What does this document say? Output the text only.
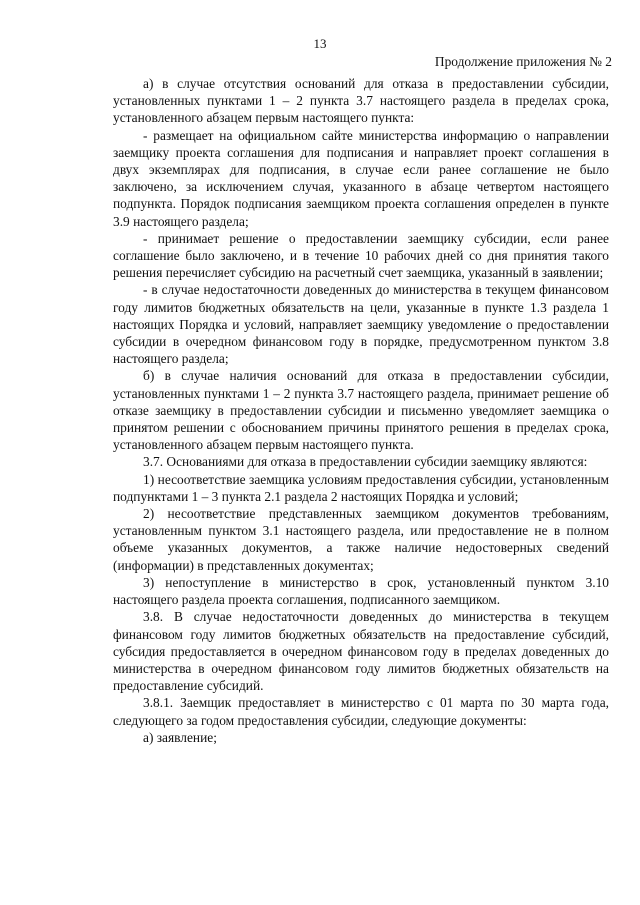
13
Продолжение приложения № 2

а) в случае отсутствия оснований для отказа в предоставлении субсидии, установленных пунктами 1 – 2 пункта 3.7 настоящего раздела в пределах срока, установленного абзацем первым настоящего пункта:

- размещает на официальном сайте министерства информацию о направлении заемщику проекта соглашения для подписания и направляет проект соглашения в двух экземплярах для подписания, в случае если ранее соглашение не было заключено, за исключением случая, указанного в абзаце четвертом настоящего подпункта. Порядок подписания заемщиком проекта соглашения определен в пункте 3.9 настоящего раздела;

- принимает решение о предоставлении заемщику субсидии, если ранее соглашение было заключено, и в течение 10 рабочих дней со дня принятия такого решения перечисляет субсидию на расчетный счет заемщика, указанный в заявлении;

- в случае недостаточности доведенных до министерства в текущем финансовом году лимитов бюджетных обязательств на цели, указанные в пункте 1.3 раздела 1 настоящих Порядка и условий, направляет заемщику уведомление о предоставлении субсидии в очередном финансовом году в порядке, предусмотренном пунктом 3.8 настоящего раздела;

б) в случае наличия оснований для отказа в предоставлении субсидии, установленных пунктами 1 – 2 пункта 3.7 настоящего раздела, принимает решение об отказе заемщику в предоставлении субсидии и письменно уведомляет заемщика о принятом решении с обоснованием причины принятого решения в пределах срока, установленного абзацем первым настоящего пункта.

3.7. Основаниями для отказа в предоставлении субсидии заемщику являются:

1) несоответствие заемщика условиям предоставления субсидии, установленным подпунктами 1 – 3 пункта 2.1 раздела 2 настоящих Порядка и условий;

2) несоответствие представленных заемщиком документов требованиям, установленным пунктом 3.1 настоящего раздела, или предоставление не в полном объеме указанных документов, а также наличие недостоверных сведений (информации) в представленных документах;

3) непоступление в министерство в срок, установленный пунктом 3.10 настоящего раздела проекта соглашения, подписанного заемщиком.

3.8. В случае недостаточности доведенных до министерства в текущем финансовом году лимитов бюджетных обязательств на предоставление субсидий, субсидия предоставляется в очередном финансовом году в пределах доведенных до министерства в очередном финансовом году лимитов бюджетных обязательств на предоставление субсидий.

3.8.1. Заемщик предоставляет в министерство с 01 марта по 30 марта года, следующего за годом предоставления субсидии, следующие документы:

а) заявление;
